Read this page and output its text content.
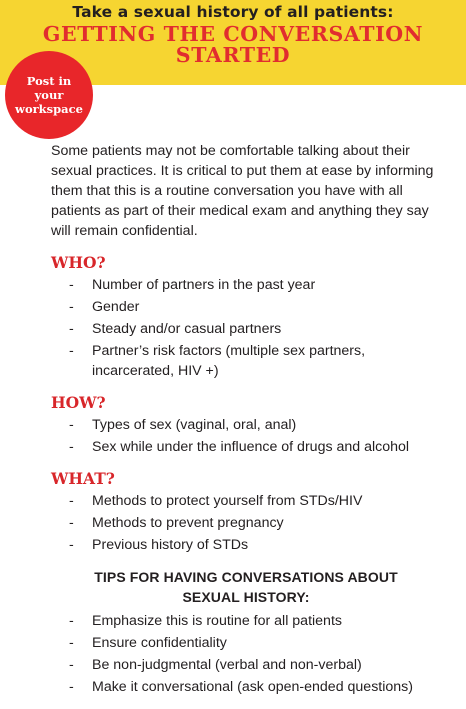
Take a sexual history of all patients:
GETTING THE CONVERSATION
STARTED
Post in
your
workspace

Some patients may not be comfortable talking about their sexual practices. It is critical to put them at ease by informing them that this is a routine conversation you have with all patients as part of their medical exam and anything they say will remain confidential.

WHO?
- Number of partners in the past year
- Gender
- Steady and/or casual partners
- Partner’s risk factors (multiple sex partners, incarcerated, HIV +)
HOW?
- Types of sex (vaginal, oral, anal)
- Sex while under the influence of drugs and alcohol
WHAT?
- Methods to protect yourself from STDs/HIV
- Methods to prevent pregnancy
- Previous history of STDs
TIPS FOR HAVING CONVERSATIONS ABOUT
SEXUAL HISTORY:
- Emphasize this is routine for all patients
- Ensure confidentiality
- Be non-judgmental (verbal and non-verbal)
- Make it conversational (ask open-ended questions)
